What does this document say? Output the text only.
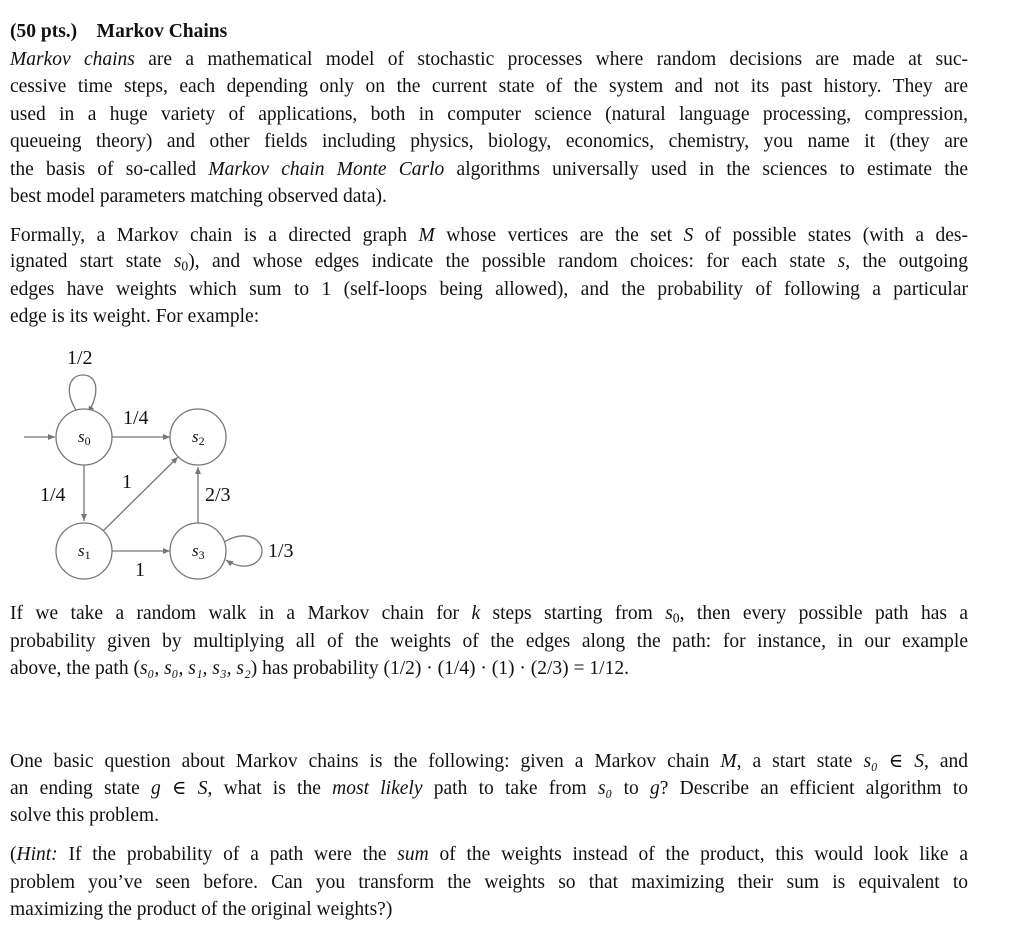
(50 pts.) Markov Chains
Markov chains are a mathematical model of stochastic processes where random decisions are made at suc-
cessive time steps, each depending only on the current state of the system and not its past history. They are
used in a huge variety of applications, both in computer science (natural language processing, compression,
queueing theory) and other fields including physics, biology, economics, chemistry, you name it (they are
the basis of so-called Markov chain Monte Carlo algorithms universally used in the sciences to estimate the
best model parameters matching observed data).
Formally, a Markov chain is a directed graph M whose vertices are the set S of possible states (with a des-
ignated start state $s_0$), and whose edges indicate the possible random choices: for each state s, the outgoing
edges have weights which sum to 1 (self-loops being allowed), and the probability of following a particular
edge is its weight. For example:
s0
s1
s2
s3
1/2
1/4
1/4
1
1
2/3
1/3
If we take a random walk in a Markov chain for k steps starting from $s_0$, then every possible path has a
probability given by multiplying all of the weights of the edges along the path: for instance, in our example
above, the path (s₀, s₀, s₁, s₃, s₂) has probability (1/2) · (1/4) · (1) · (2/3) = 1/12.
One basic question about Markov chains is the following: given a Markov chain M, a start state s₀ ∈ S, and
an ending state g ∈ S, what is the most likely path to take from s₀ to g? Describe an efficient algorithm to
solve this problem.
(Hint: If the probability of a path were the sum of the weights instead of the product, this would look like a
problem you’ve seen before. Can you transform the weights so that maximizing their sum is equivalent to
maximizing the product of the original weights?)
